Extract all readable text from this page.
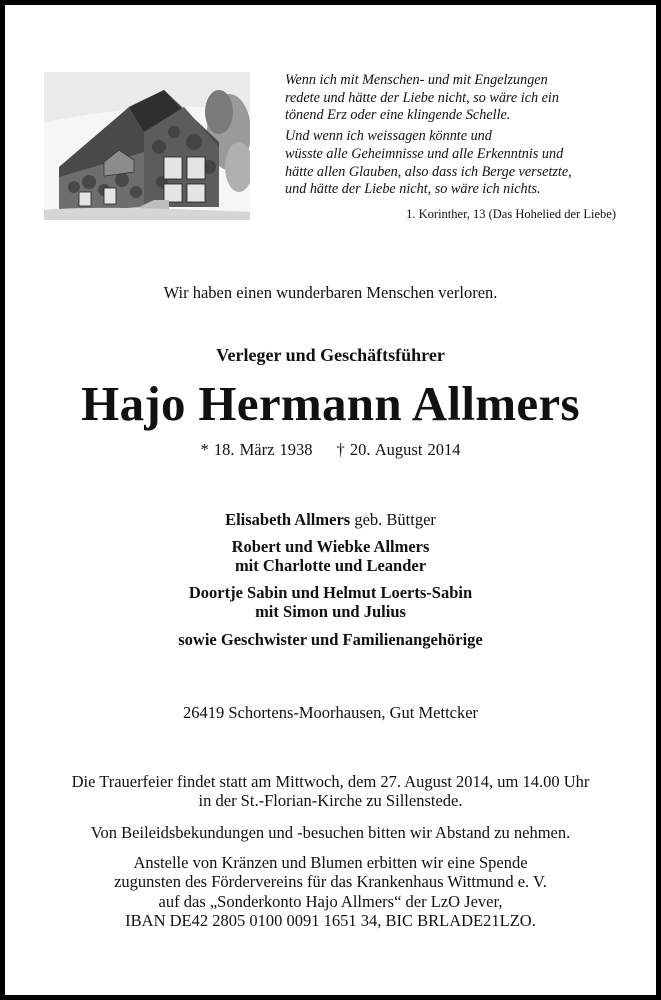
Wenn ich mit Menschen- und mit Engelzungen
redete und hätte der Liebe nicht, so wäre ich ein
tönend Erz oder eine klingende Schelle.

Und wenn ich weissagen könnte und
wüsste alle Geheimnisse und alle Erkenntnis und
hätte allen Glauben, also dass ich Berge versetzte,
und hätte der Liebe nicht, so wäre ich nichts.

1. Korinther, 13 (Das Hohelied der Liebe)
Wir haben einen wunderbaren Menschen verloren.
Verleger und Geschäftsführer
Hajo Hermann Allmers
* 18. März 1938 † 20. August 2014
Elisabeth Allmers geb. Büttger
Robert und Wiebke Allmers
mit Charlotte und Leander
Doortje Sabin und Helmut Loerts-Sabin
mit Simon und Julius
sowie Geschwister und Familienangehörige
26419 Schortens-Moorhausen, Gut Mettcker
Die Trauerfeier findet statt am Mittwoch, dem 27. August 2014, um 14.00 Uhr
in der St.-Florian-Kirche zu Sillenstede.
Von Beileidsbekundungen und -besuchen bitten wir Abstand zu nehmen.
Anstelle von Kränzen und Blumen erbitten wir eine Spende
zugunsten des Fördervereins für das Krankenhaus Wittmund e. V.
auf das „Sonderkonto Hajo Allmers“ der LzO Jever,
IBAN DE42 2805 0100 0091 1651 34, BIC BRLADE21LZO.
